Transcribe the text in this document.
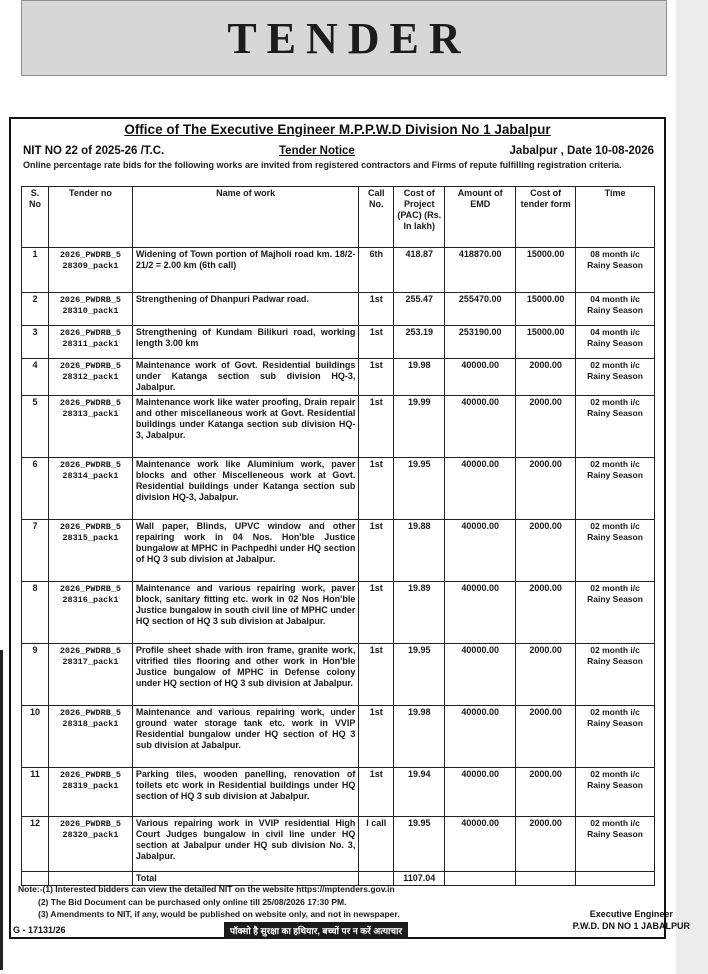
TENDER
Office of The Executive Engineer M.P.P.W.D Division No 1 Jabalpur
NIT NO 22 of 2025-26 /T.C.	Tender Notice	Jabalpur , Date 10-08-2026
Online percentage rate bids for the following works are invited from registered contractors and Firms of repute fulfilling registration criteria.
S. No	Tender no	Name of work	Call No.	Cost of Project (PAC) (Rs. In lakh)	Amount of EMD	Cost of tender form	Time
1	2026_PWDRB_5 28309_pack1	Widening of Town portion of Majholi road km. 18/2-21/2 = 2.00 km (6th call)	6th	418.87	418870.00	15000.00	08 month i/c Rainy Season
2	2026_PWDRB_5 28310_pack1	Strengthening of Dhanpuri Padwar road.	1st	255.47	255470.00	15000.00	04 month i/c Rainy Season
3	2026_PWDRB_5 28311_pack1	Strengthening of Kundam Bilikuri road, working length 3.00 km	1st	253.19	253190.00	15000.00	04 month i/c Rainy Season
4	2026_PWDRB_5 28312_pack1	Maintenance work of Govt. Residential buildings under Katanga section sub division HQ-3, Jabalpur.	1st	19.98	40000.00	2000.00	02 month i/c Rainy Season
5	2026_PWDRB_5 28313_pack1	Maintenance work like water proofing, Drain repair and other miscellaneous work at Govt. Residential buildings under Katanga section sub division HQ-3, Jabalpur.	1st	19.99	40000.00	2000.00	02 month i/c Rainy Season
6	2026_PWDRB_5 28314_pack1	Maintenance work like Aluminium work, paver blocks and other Miscelleneous work at Govt. Residential buildings under Katanga section sub division HQ-3, Jabalpur.	1st	19.95	40000.00	2000.00	02 month i/c Rainy Season
7	2026_PWDRB_5 28315_pack1	Wall paper, Blinds, UPVC window and other repairing work in 04 Nos. Hon'ble Justice bungalow at MPHC in Pachpedhi under HQ section of HQ 3 sub division at Jabalpur.	1st	19.88	40000.00	2000.00	02 month i/c Rainy Season
8	2026_PWDRB_5 28316_pack1	Maintenance and various repairing work, paver block, sanitary fitting etc. work in 02 Nos Hon'ble Justice bungalow in south civil line of MPHC under HQ section of HQ 3 sub division at Jabalpur.	1st	19.89	40000.00	2000.00	02 month i/c Rainy Season
9	2026_PWDRB_5 28317_pack1	Profile sheet shade with iron frame, granite work, vitrified tiles flooring and other work in Hon'ble Justice bungalow of MPHC in Defense colony under HQ section of HQ 3 sub division at Jabalpur.	1st	19.95	40000.00	2000.00	02 month i/c Rainy Season
10	2026_PWDRB_5 28318_pack1	Maintenance and various repairing work, under ground water storage tank etc. work in VVIP Residential bungalow under HQ section of HQ 3 sub division at Jabalpur.	1st	19.98	40000.00	2000.00	02 month i/c Rainy Season
11	2026_PWDRB_5 28319_pack1	Parking tiles, wooden panelling, renovation of toilets etc work in Residential buildings under HQ section of HQ 3 sub division at Jabalpur.	1st	19.94	40000.00	2000.00	02 month i/c Rainy Season
12	2026_PWDRB_5 28320_pack1	Various repairing work in VVIP residential High Court Judges bungalow in civil line under HQ section at Jabalpur under HQ sub division No. 3, Jabalpur.	I call	19.95	40000.00	2000.00	02 month i/c Rainy Season
		Total		1107.04			
Note:-(1) Interested bidders can view the detailed NIT on the website https://mptenders.gov.in
(2) The Bid Document can be purchased only online till 25/08/2026 17:30 PM.
(3) Amendments to NIT, if any, would be published on website only, and not in newspaper.	Executive Engineer
P.W.D. DN NO 1 JABALPUR
G - 17131/26	पॉक्सो है सुरक्षा का हथियार, बच्चों पर न करें अत्याचार
